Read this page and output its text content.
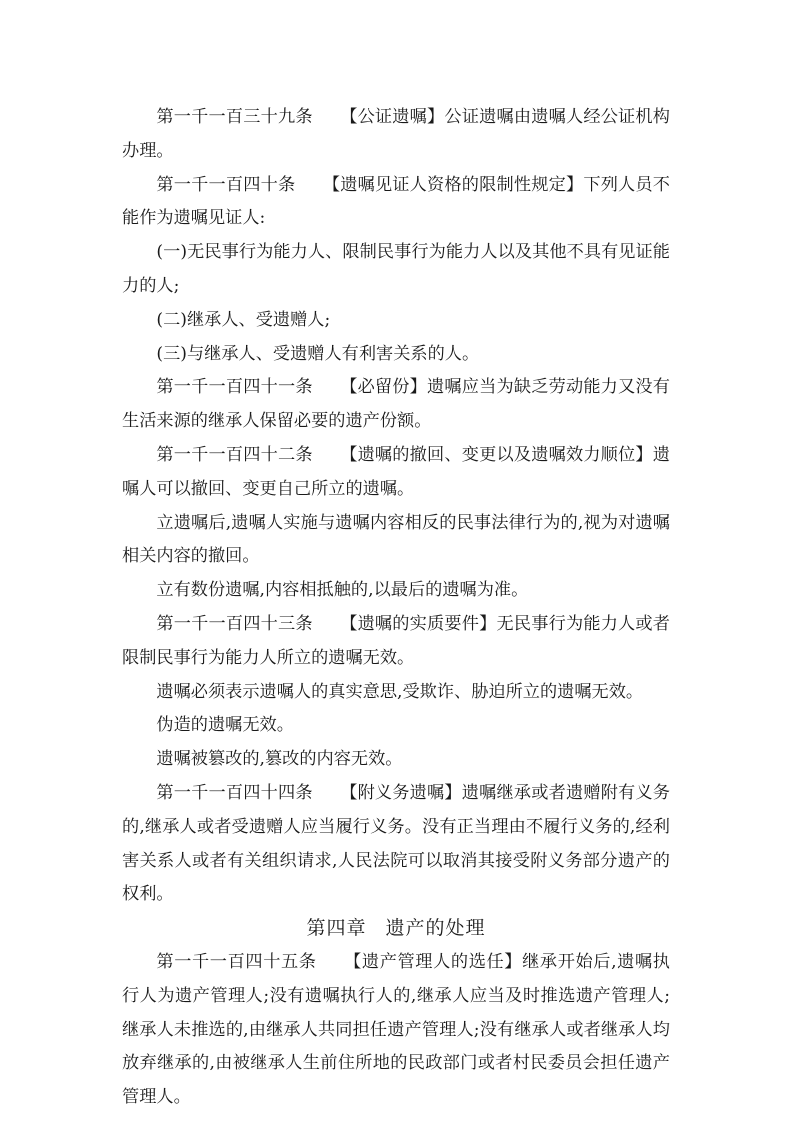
第一千一百三十九条 【公证遗嘱】公证遗嘱由遗嘱人经公证机构办理。

第一千一百四十条 【遗嘱见证人资格的限制性规定】下列人员不能作为遗嘱见证人:

(一)无民事行为能力人、限制民事行为能力人以及其他不具有见证能力的人;

(二)继承人、受遗赠人;

(三)与继承人、受遗赠人有利害关系的人。

第一千一百四十一条 【必留份】遗嘱应当为缺乏劳动能力又没有生活来源的继承人保留必要的遗产份额。

第一千一百四十二条 【遗嘱的撤回、变更以及遗嘱效力顺位】遗嘱人可以撤回、变更自己所立的遗嘱。

立遗嘱后,遗嘱人实施与遗嘱内容相反的民事法律行为的,视为对遗嘱相关内容的撤回。

立有数份遗嘱,内容相抵触的,以最后的遗嘱为准。

第一千一百四十三条 【遗嘱的实质要件】无民事行为能力人或者限制民事行为能力人所立的遗嘱无效。

遗嘱必须表示遗嘱人的真实意思,受欺诈、胁迫所立的遗嘱无效。

伪造的遗嘱无效。

遗嘱被篡改的,篡改的内容无效。

第一千一百四十四条 【附义务遗嘱】遗嘱继承或者遗赠附有义务的,继承人或者受遗赠人应当履行义务。没有正当理由不履行义务的,经利害关系人或者有关组织请求,人民法院可以取消其接受附义务部分遗产的权利。

第四章 遗产的处理

第一千一百四十五条 【遗产管理人的选任】继承开始后,遗嘱执行人为遗产管理人;没有遗嘱执行人的,继承人应当及时推选遗产管理人;继承人未推选的,由继承人共同担任遗产管理人;没有继承人或者继承人均放弃继承的,由被继承人生前住所地的民政部门或者村民委员会担任遗产管理人。
